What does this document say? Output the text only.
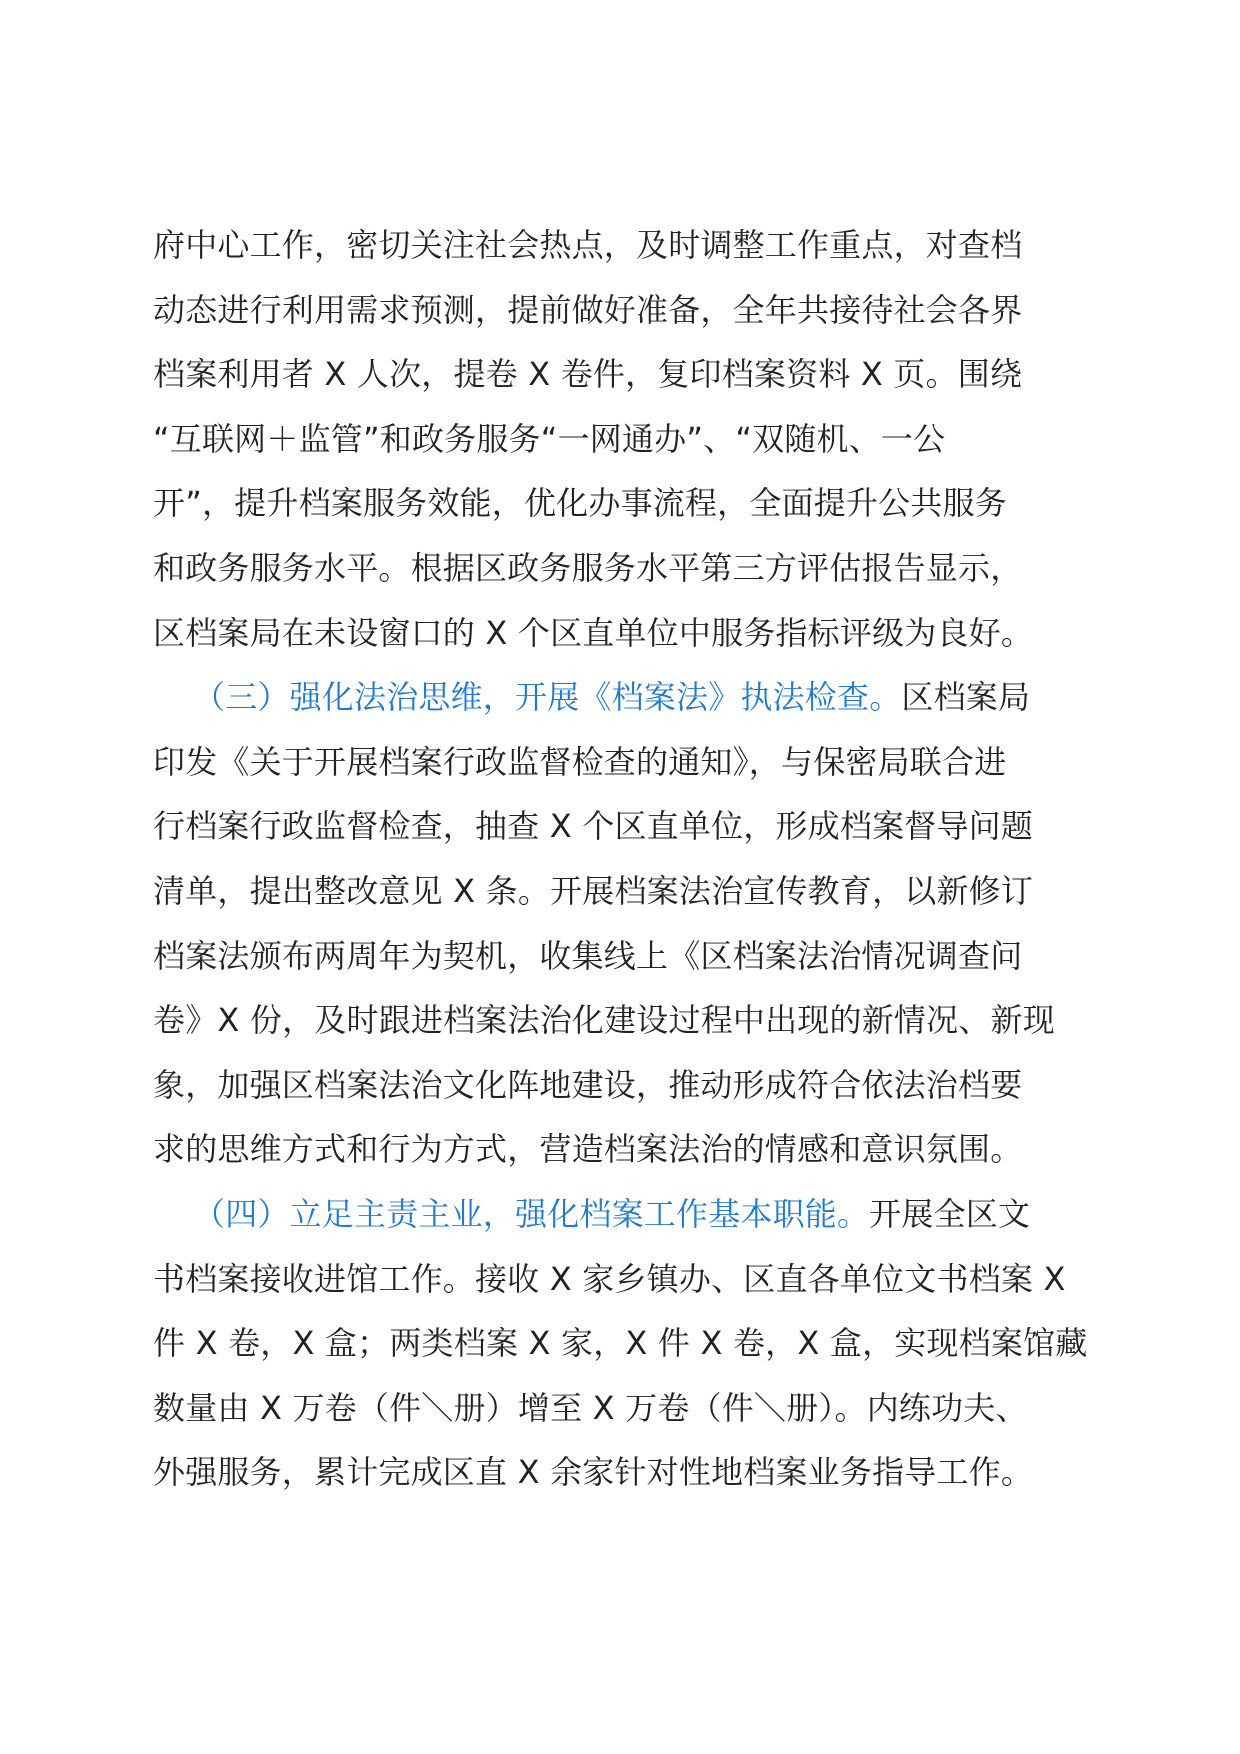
府中心工作，密切关注社会热点，及时调整工作重点，对查档
动态进行利用需求预测，提前做好准备，全年共接待社会各界
档案利用者 X 人次，提卷 X 卷件，复印档案资料 X 页。围绕
“互联网＋监管”和政务服务“一网通办”、“双随机、一公
开”，提升档案服务效能，优化办事流程，全面提升公共服务
和政务服务水平。根据区政务服务水平第三方评估报告显示，
区档案局在未设窗口的 X 个区直单位中服务指标评级为良好。
（三）强化法治思维，开展《档案法》执法检查。区档案局
印发《关于开展档案行政监督检查的通知》，与保密局联合进
行档案行政监督检查，抽查 X 个区直单位，形成档案督导问题
清单，提出整改意见 X 条。开展档案法治宣传教育，以新修订
档案法颁布两周年为契机，收集线上《区档案法治情况调查问
卷》X 份，及时跟进档案法治化建设过程中出现的新情况、新现
象，加强区档案法治文化阵地建设，推动形成符合依法治档要
求的思维方式和行为方式，营造档案法治的情感和意识氛围。
（四）立足主责主业，强化档案工作基本职能。开展全区文
书档案接收进馆工作。接收 X 家乡镇办、区直各单位文书档案 X
件 X 卷，X 盒；两类档案 X 家，X 件 X 卷，X 盒，实现档案馆藏
数量由 X 万卷（件＼册）增至 X 万卷（件＼册）。内练功夫、
外强服务，累计完成区直 X 余家针对性地档案业务指导工作。
